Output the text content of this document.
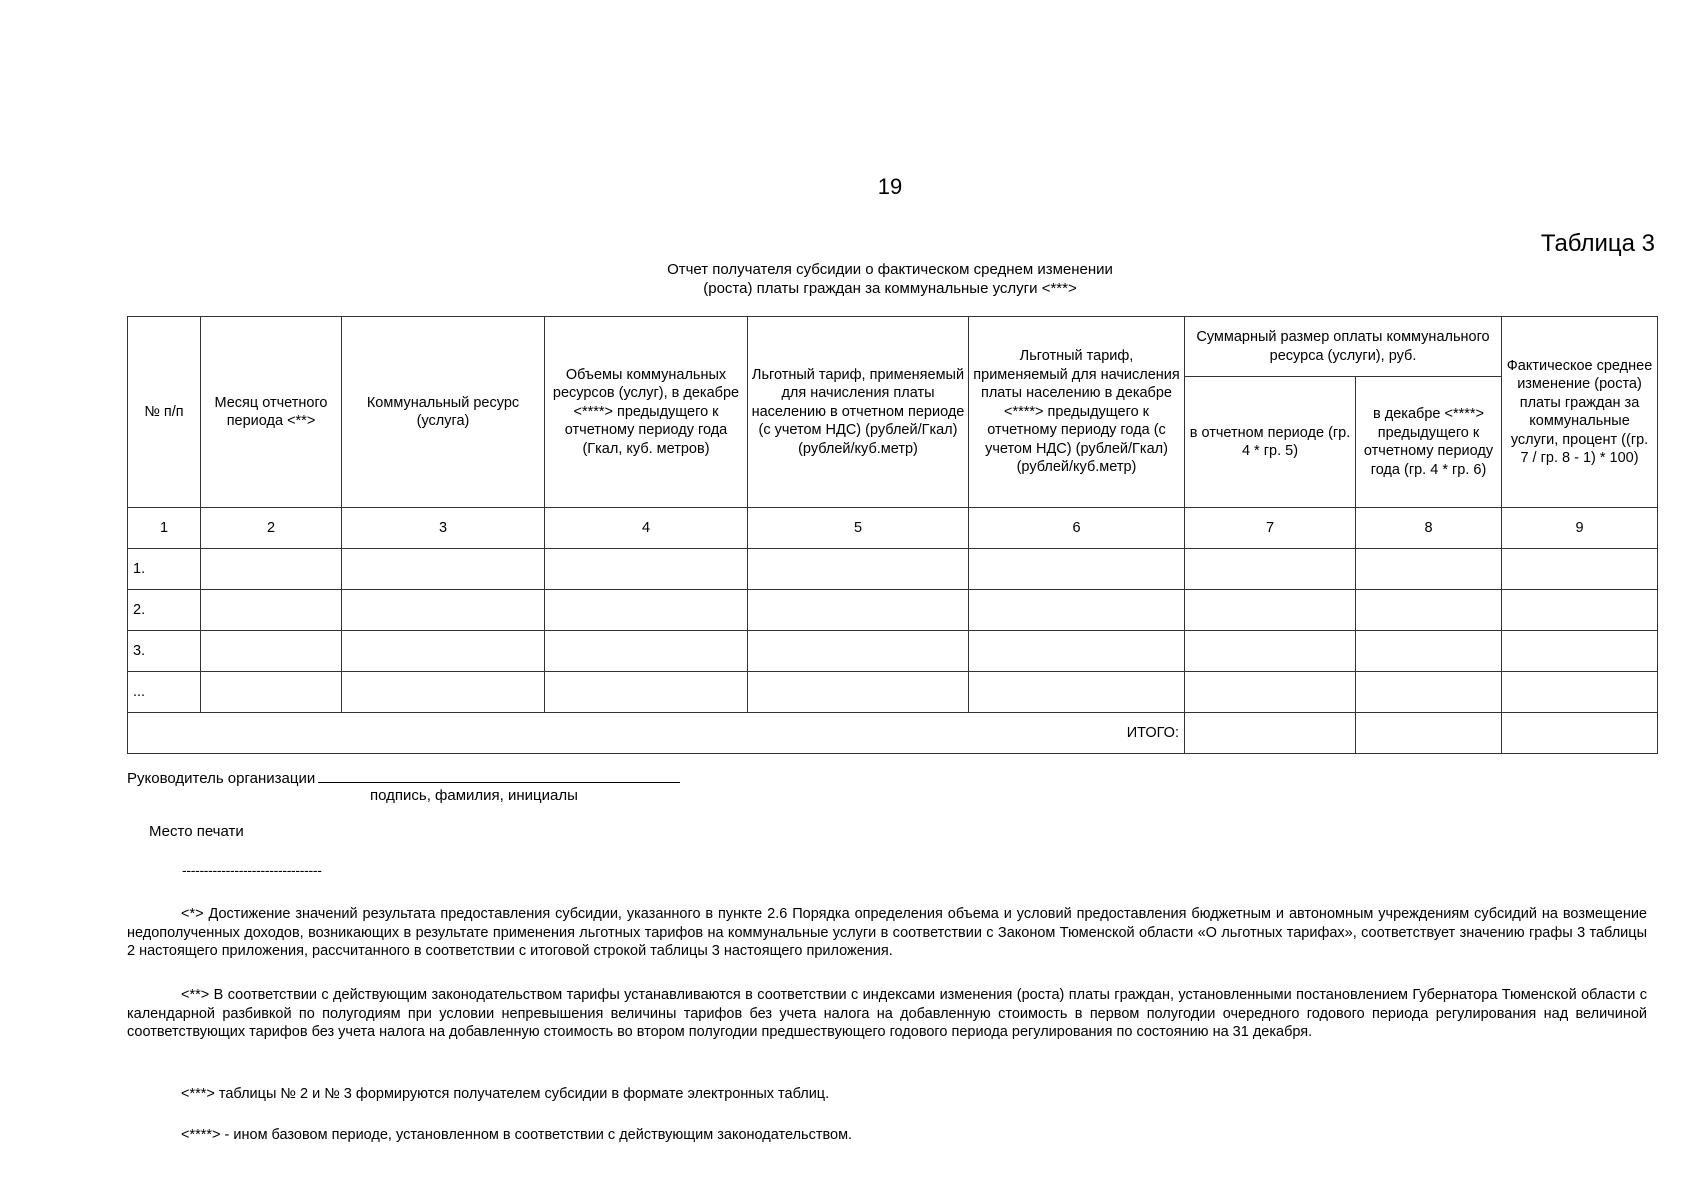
19
Таблица 3
Отчет получателя субсидии о фактическом среднем изменении
(роста) платы граждан за коммунальные услуги <***>
№ п/п	Месяц отчетного периода <**>	Коммунальный ресурс (услуга)	Объемы коммунальных ресурсов (услуг), в декабре <****> предыдущего к отчетному периоду года (Гкал, куб. метров)	Льготный тариф, применяемый для начисления платы населению в отчетном периоде (с учетом НДС) (рублей/Гкал) (рублей/куб.метр)	Льготный тариф, применяемый для начисления платы населению в декабре <****> предыдущего к отчетному периоду года (с учетом НДС) (рублей/Гкал) (рублей/куб.метр)	Суммарный размер оплаты коммунального ресурса (услуги), руб.		Фактическое среднее изменение (роста) платы граждан за коммунальные услуги, процент ((гр. 7 / гр. 8 - 1) * 100)
						в отчетном периоде (гр. 4 * гр. 5)	в декабре <****> предыдущего к отчетному периоду года (гр. 4 * гр. 6)	
1	2	3	4	5	6	7	8	9
1.								
2.								
3.								
...								
ИТОГО:								
Руководитель организации
подпись, фамилия, инициалы
Место печати
--------------------------------
<*> Достижение значений результата предоставления субсидии, указанного в пункте 2.6 Порядка определения объема и условий предоставления бюджетным и автономным учреждениям субсидий на возмещение недополученных доходов, возникающих в результате применения льготных тарифов на коммунальные услуги в соответствии с Законом Тюменской области «О льготных тарифах», соответствует значению графы 3 таблицы 2 настоящего приложения, рассчитанного в соответствии с итоговой строкой таблицы 3 настоящего приложения.
<**> В соответствии с действующим законодательством тарифы устанавливаются в соответствии с индексами изменения (роста) платы граждан, установленными постановлением Губернатора Тюменской области с календарной разбивкой по полугодиям при условии непревышения величины тарифов без учета налога на добавленную стоимость в первом полугодии очередного годового периода регулирования над величиной соответствующих тарифов без учета налога на добавленную стоимость во втором полугодии предшествующего годового периода регулирования по состоянию на 31 декабря.
<***> таблицы № 2 и № 3 формируются получателем субсидии в формате электронных таблиц.
<****> - ином базовом периоде, установленном в соответствии с действующим законодательством.
